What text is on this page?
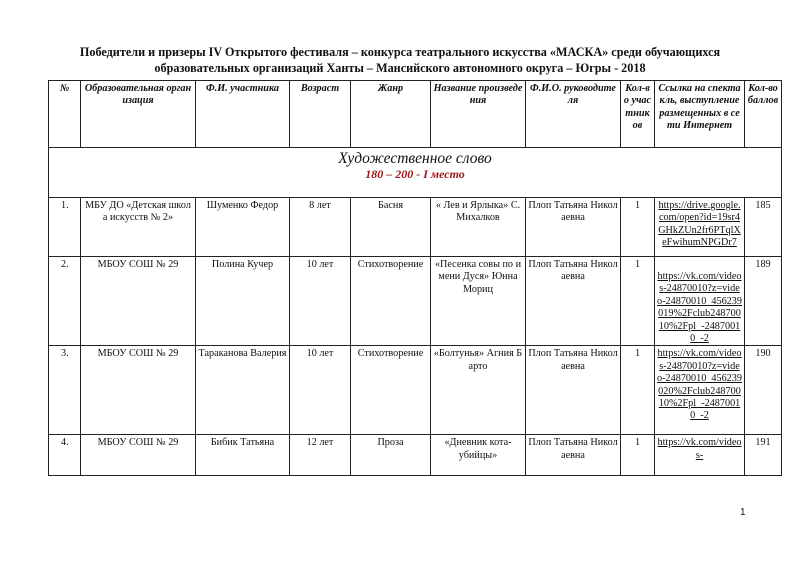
Победители и призеры IV Открытого фестиваля – конкурса театрального искусства «МАСКА» среди обучающихся
образовательных организаций Ханты – Мансийского автономного округа – Югры - 2018
№	Образовательная организация	Ф.И. участника	Возраст	Жанр	Название произведения	Ф.И.О. руководителя	Кол-во участников	Ссылка на спектакль, выступление размещенных в сети Интернет	Кол-во баллов

Художественное слово
180 – 200 - I место									

1.	МБУ ДО «Детская школа искусств № 2»	Шуменко Федор	8 лет	Басня	« Лев и Ярлыка» С. Михалков	Плоп Татьяна Николаевна	1	https://drive.google.com/open?id=19sr4GHkZUn2fr6PTqlXeFwihumNPGDr7	185
2.	МБОУ СОШ № 29	Полина Кучер	10 лет	Стихотворение	«Песенка совы по имени Дуся» Юнна Мориц	Плоп Татьяна Николаевна	1	https://vk.com/videos-24870010?z=video-24870010_456239019%2Fclub24870010%2Fpl_-24870010_-2	189
3.	МБОУ СОШ № 29	Тараканова Валерия	10 лет	Стихотворение	«Болтунья» Агния Барто	Плоп Татьяна Николаевна	1	https://vk.com/videos-24870010?z=video-24870010_456239020%2Fclub24870010%2Fpl_-24870010_-2	190
4.	МБОУ СОШ № 29	Бибик Татьяна	12 лет	Проза	«Дневник кота-убийцы»	Плоп Татьяна Николаевна	1	https://vk.com/videos-	191
1
